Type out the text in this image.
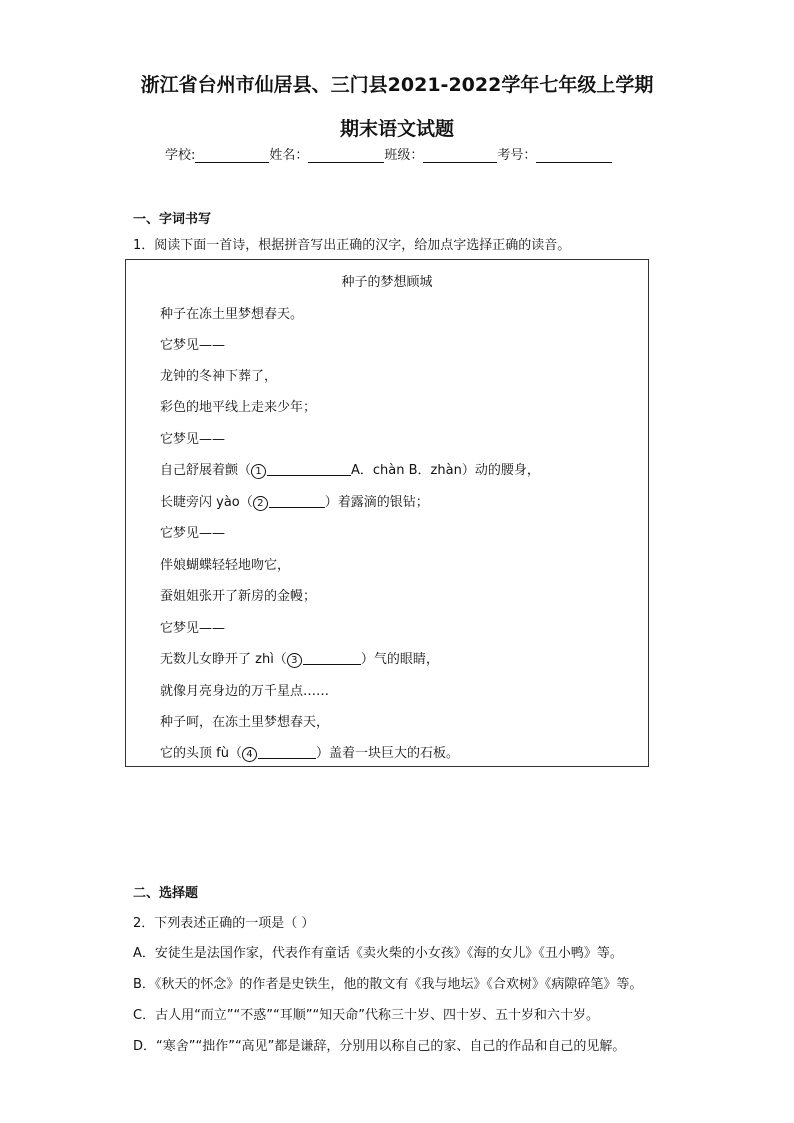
浙江省台州市仙居县、三门县2021-2022学年七年级上学期
期末语文试题
学校:	姓名：	班级：	考号：
一、字词书写
1．阅读下面一首诗，根据拼音写出正确的汉字，给加点字选择正确的读音。
种子的梦想顾城
种子在冻土里梦想春天。
它梦见——
龙钟的冬神下葬了，
彩色的地平线上走来少年；
它梦见——
自己舒展着颤（ 1	A．chàn B．zhàn）动的腰身，
长睫旁闪 yào（ 2	）着露滴的银钻；
它梦见——
伴娘蝴蝶轻轻地吻它，
蚕姐姐张开了新房的金幔；
它梦见——
无数儿女睁开了 zhì（ 3	）气的眼睛，
就像月亮身边的万千星点……
种子呵，在冻土里梦想春天，
它的头顶 fù（ 4	）盖着一块巨大的石板。
二、选择题
2．下列表述正确的一项是（ ）
A．安徒生是法国作家，代表作有童话《卖火柴的小女孩》《海的女儿》《丑小鸭》等。
B．《秋天的怀念》的作者是史铁生，他的散文有《我与地坛》《合欢树》《病隙碎笔》等。
C．古人用“而立”“不惑”“耳顺”“知天命”代称三十岁、四十岁、五十岁和六十岁。
D．“寒舍”“拙作”“高见”都是谦辞，分别用以称自己的家、自己的作品和自己的见解。
